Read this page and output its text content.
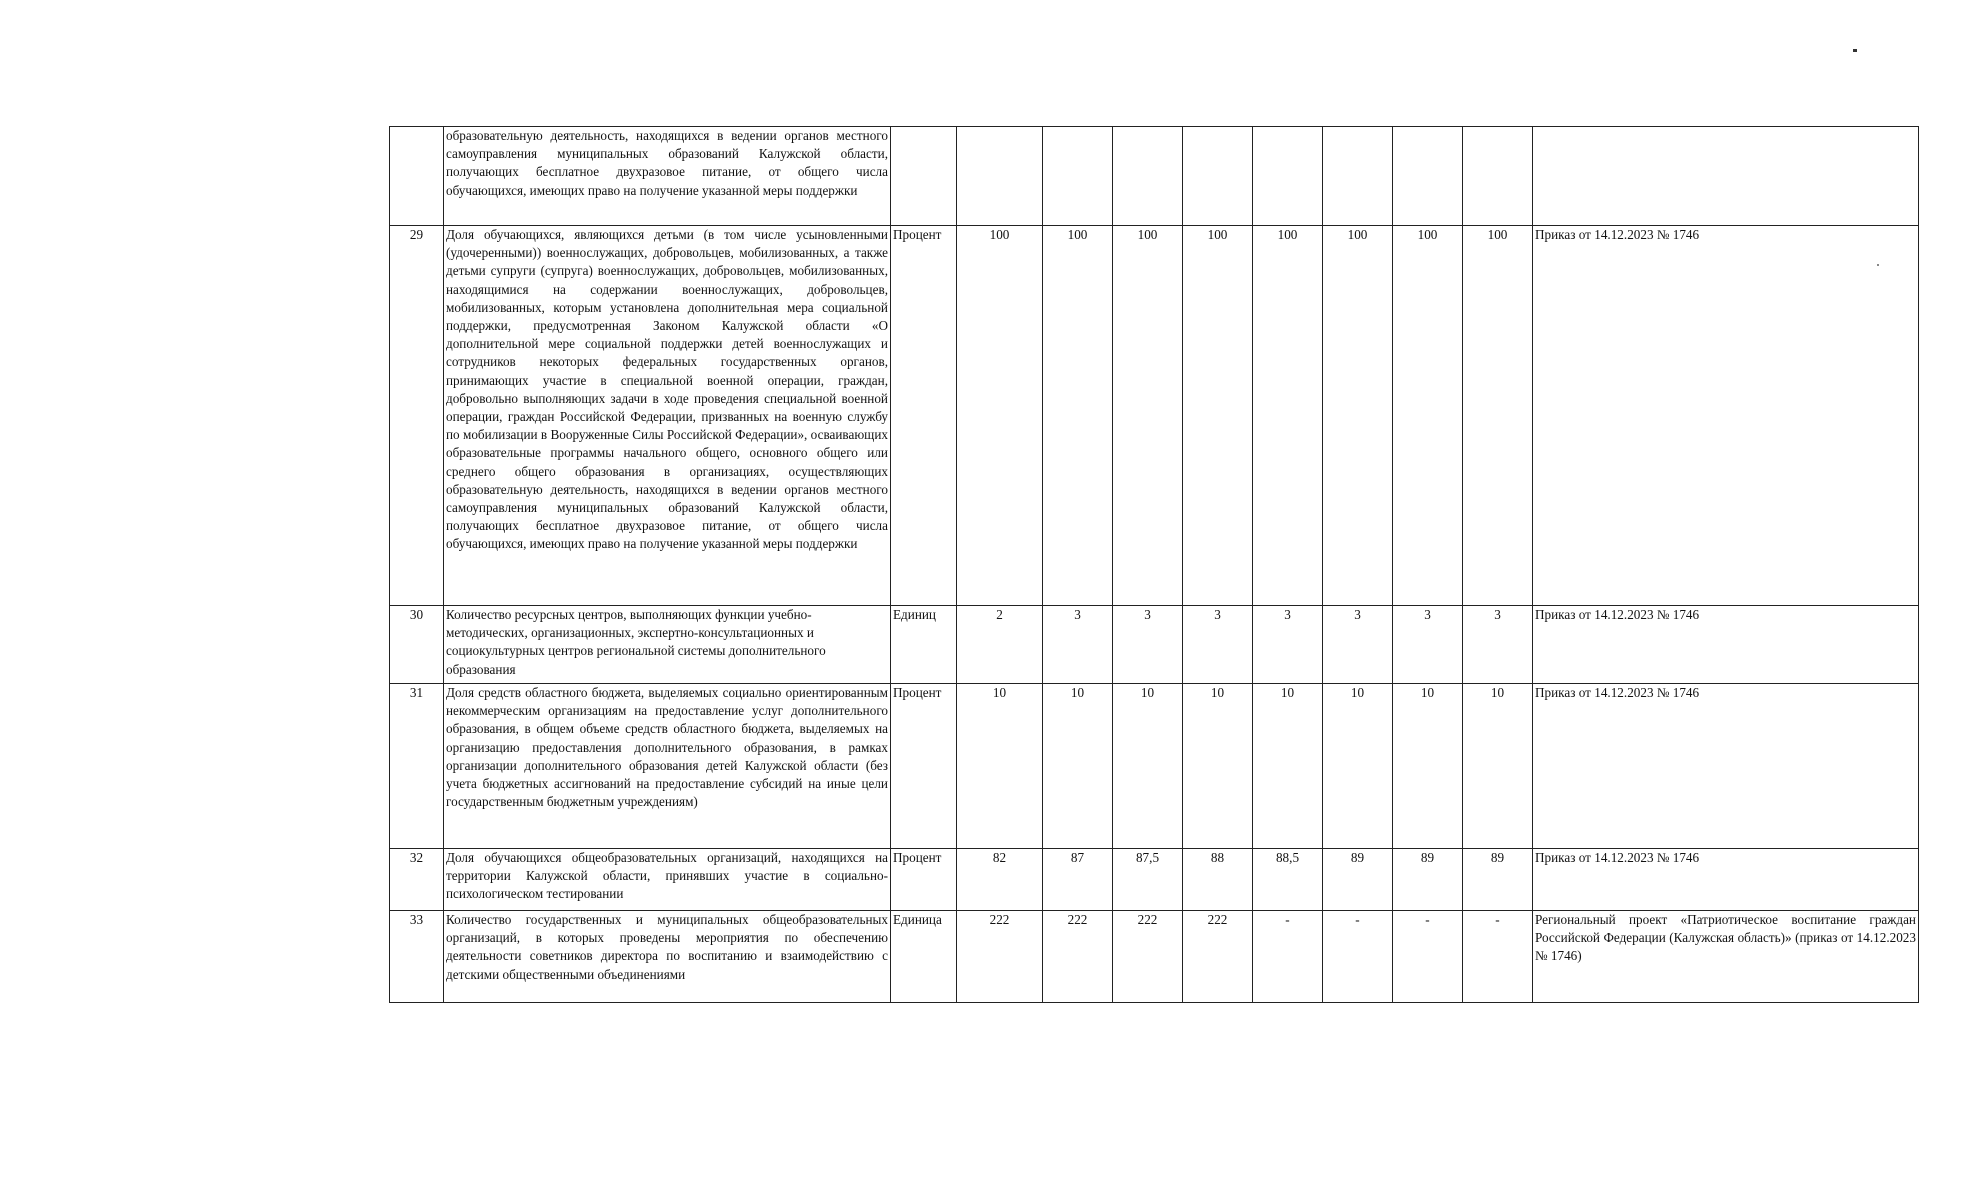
	образовательную деятельность, находящихся в ведении органов местного самоуправления муниципальных образований Калужской области, получающих бесплатное двухразовое питание, от общего числа обучающихся, имеющих право на получение указанной меры поддержки										
29	Доля обучающихся, являющихся детьми (в том числе усыновленными (удочеренными)) военнослужащих, добровольцев, мобилизованных, а также детьми супруги (супруга) военнослужащих, добровольцев, мобилизованных, находящимися на содержании военнослужащих, добровольцев, мобилизованных, которым установлена дополнительная мера социальной поддержки, предусмотренная Законом Калужской области «О дополнительной мере социальной поддержки детей военнослужащих и сотрудников некоторых федеральных государственных органов, принимающих участие в специальной военной операции, граждан, добровольно выполняющих задачи в ходе проведения специальной военной операции, граждан Российской Федерации, призванных на военную службу по мобилизации в Вооруженные Силы Российской Федерации», осваивающих образовательные программы начального общего, основного общего или среднего общего образования в организациях, осуществляющих образовательную деятельность, находящихся в ведении органов местного самоуправления муниципальных образований Калужской области, получающих бесплатное двухразовое питание, от общего числа обучающихся, имеющих право на получение указанной меры поддержки	Процент	100	100	100	100	100	100	100	100	Приказ от 14.12.2023 № 1746
30	Количество ресурсных центров, выполняющих функции учебно-методических, организационных, экспертно-консультационных и социокультурных центров региональной системы дополнительного образования	Единиц	2	3	3	3	3	3	3	3	Приказ от 14.12.2023 № 1746
31	Доля средств областного бюджета, выделяемых социально ориентированным некоммерческим организациям на предоставление услуг дополнительного образования, в общем объеме средств областного бюджета, выделяемых на организацию предоставления дополнительного образования, в рамках организации дополнительного образования детей Калужской области (без учета бюджетных ассигнований на предоставление субсидий на иные цели государственным бюджетным учреждениям)	Процент	10	10	10	10	10	10	10	10	Приказ от 14.12.2023 № 1746
32	Доля обучающихся общеобразовательных организаций, находящихся на территории Калужской области, принявших участие в социально-психологическом тестировании	Процент	82	87	87,5	88	88,5	89	89	89	Приказ от 14.12.2023 № 1746
33	Количество государственных и муниципальных общеобразовательных организаций, в которых проведены мероприятия по обеспечению деятельности советников директора по воспитанию и взаимодействию с детскими общественными объединениями	Единица	222	222	222	222	-	-	-	-	Региональный проект «Патриотическое воспитание граждан Российской Федерации (Калужская область)» (приказ от 14.12.2023 № 1746)
